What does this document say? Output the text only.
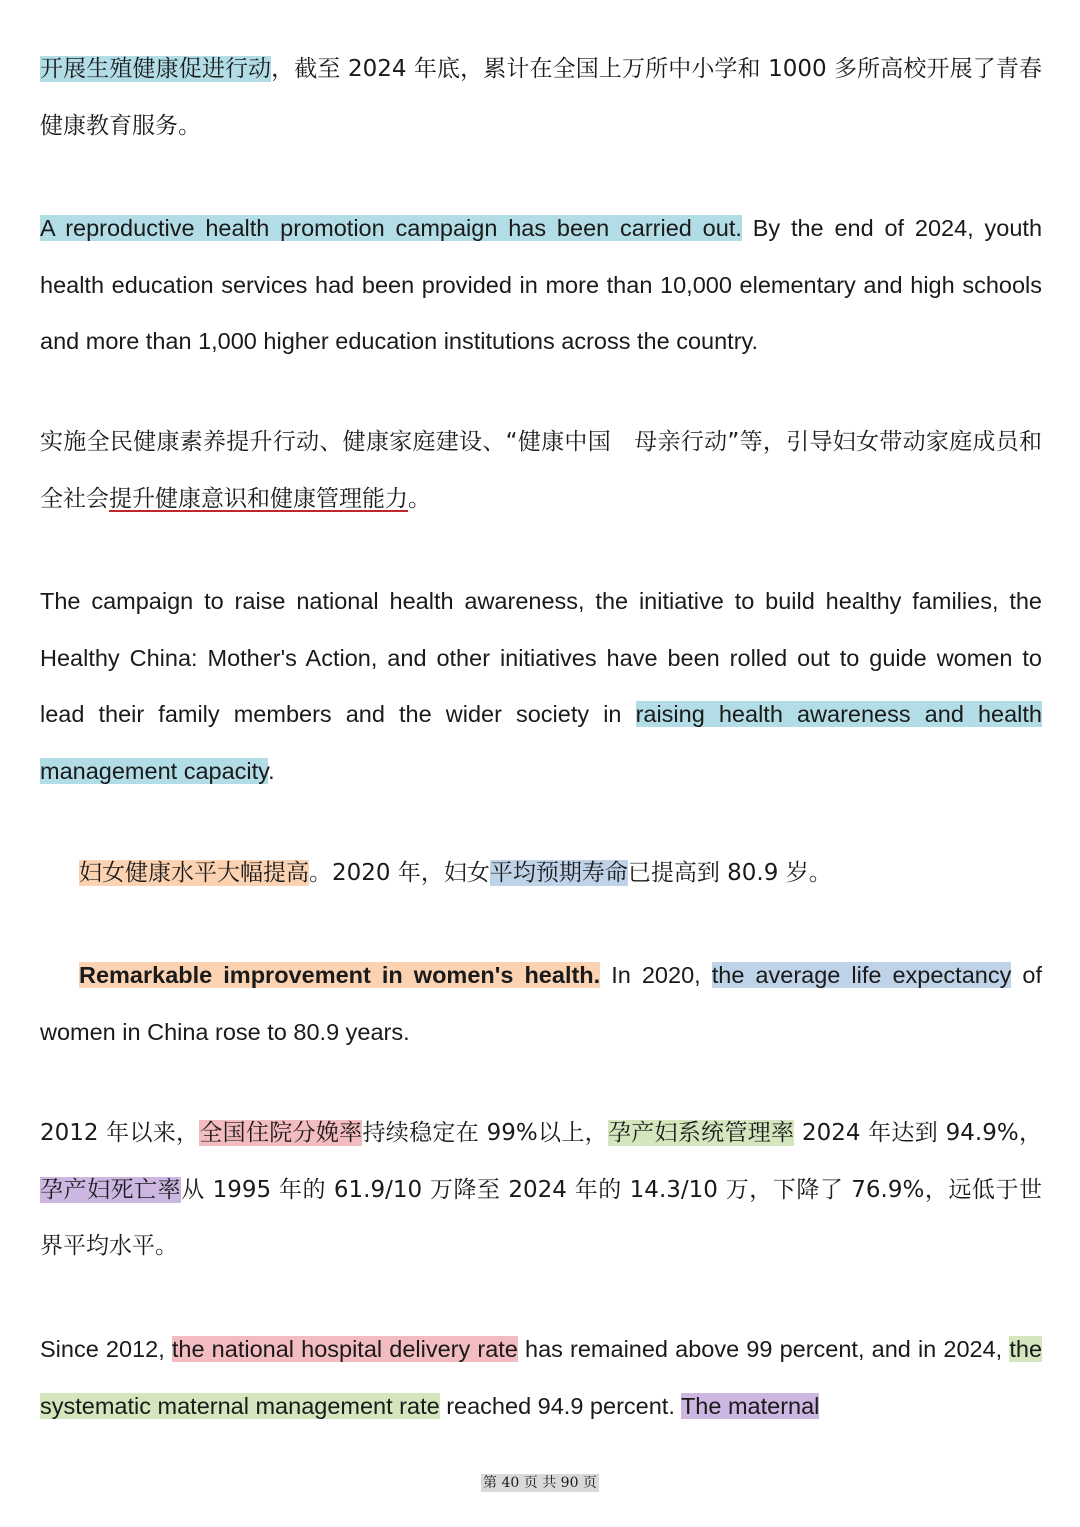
开展生殖健康促进行动，截至 2024 年底，累计在全国上万所中小学和 1000 多所高校开展了青春健康教育服务。

A reproductive health promotion campaign has been carried out. By the end of 2024, youth health education services had been provided in more than 10,000 elementary and high schools and more than 1,000 higher education institutions across the country.

实施全民健康素养提升行动、健康家庭建设、“健康中国　母亲行动”等，引导妇女带动家庭成员和全社会提升健康意识和健康管理能力。

The campaign to raise national health awareness, the initiative to build healthy families, the Healthy China: Mother's Action, and other initiatives have been rolled out to guide women to lead their family members and the wider society in raising health awareness and health management capacity.

妇女健康水平大幅提高。2020 年，妇女平均预期寿命已提高到 80.9 岁。

Remarkable improvement in women's health. In 2020, the average life expectancy of women in China rose to 80.9 years.

2012 年以来，全国住院分娩率持续稳定在 99%以上，孕产妇系统管理率 2024 年达到 94.9%，孕产妇死亡率从 1995 年的 61.9/10 万降至 2024 年的 14.3/10 万，下降了 76.9%，远低于世界平均水平。

Since 2012, the national hospital delivery rate has remained above 99 percent, and in 2024, the systematic maternal management rate reached 94.9 percent. The maternal

第 40 页 共 90 页
